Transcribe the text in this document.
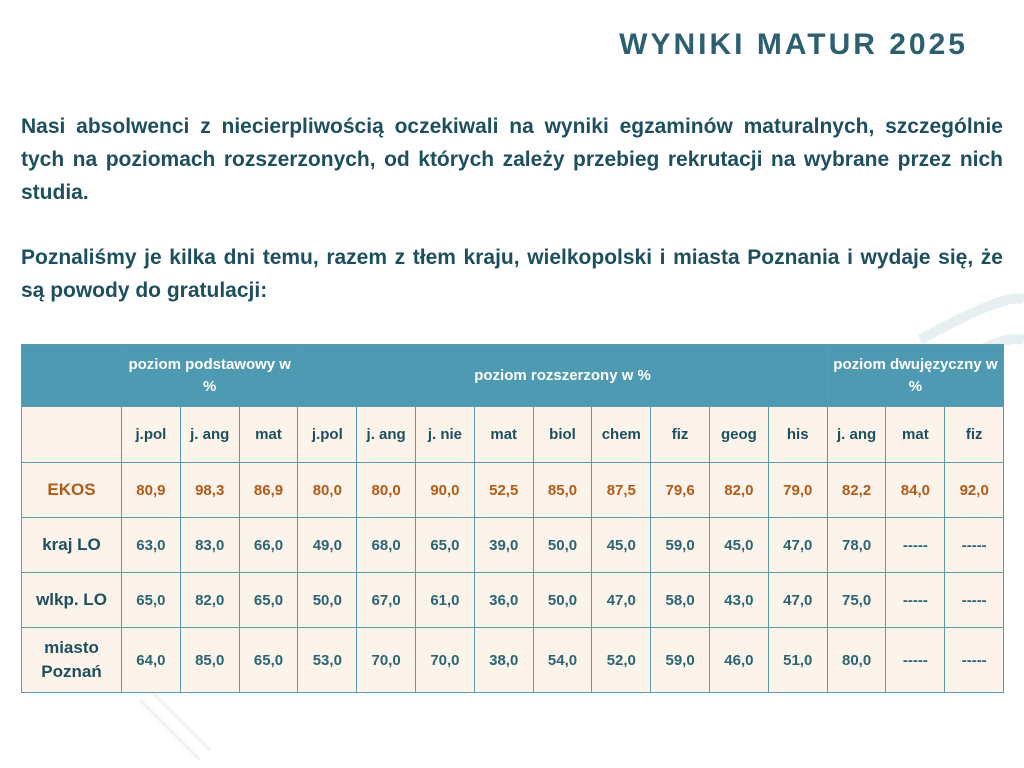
WYNIKI MATUR 2025

Nasi absolwenci z niecierpliwością oczekiwali na wyniki egzaminów maturalnych, szczególnie tych na poziomach rozszerzonych, od których zależy przebieg rekrutacji na wybrane przez nich studia.

Poznaliśmy je kilka dni temu, razem z tłem kraju, wielkopolski i miasta Poznania i wydaje się, że są powody do gratulacji:

	poziom podstawowy w %			poziom rozszerzony w %									poziom dwujęzyczny w %		
	j.pol	j. ang	mat	j.pol	j. ang	j. nie	mat	biol	chem	fiz	geog	his	j. ang	mat	fiz
EKOS	80,9	98,3	86,9	80,0	80,0	90,0	52,5	85,0	87,5	79,6	82,0	79,0	82,2	84,0	92,0
kraj LO	63,0	83,0	66,0	49,0	68,0	65,0	39,0	50,0	45,0	59,0	45,0	47,0	78,0	-----	-----
wlkp. LO	65,0	82,0	65,0	50,0	67,0	61,0	36,0	50,0	47,0	58,0	43,0	47,0	75,0	-----	-----
miasto Poznań	64,0	85,0	65,0	53,0	70,0	70,0	38,0	54,0	52,0	59,0	46,0	51,0	80,0	-----	-----
